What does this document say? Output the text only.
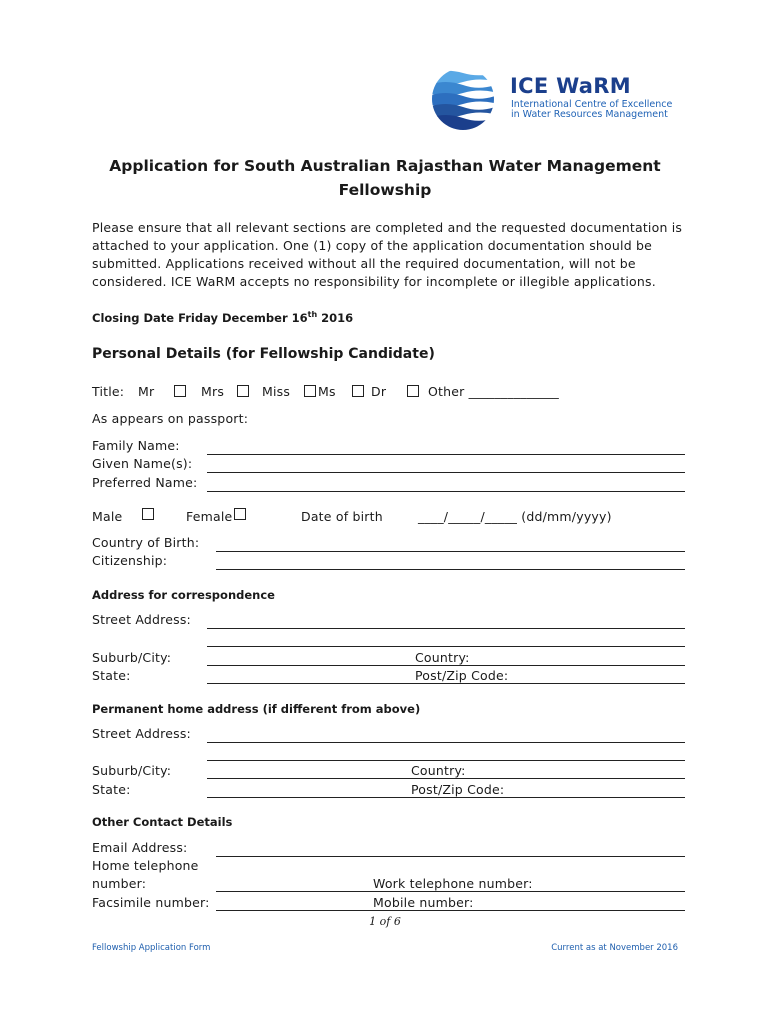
ICE WaRM
International Centre of Excellence
in Water Resources Management
Application for South Australian Rajasthan Water Management
Fellowship
Please ensure that all relevant sections are completed and the requested documentation is
attached to your application. One (1) copy of the application documentation should be
submitted. Applications received without all the required documentation, will not be
considered. ICE WaRM accepts no responsibility for incomplete or illegible applications.
Closing Date Friday December 16th 2016
Personal Details (for Fellowship Candidate)
Title: Mr	Mrs	Miss Ms	Dr	Other ______________
As appears on passport:
Family Name:
Given Name(s):
Preferred Name:
Male	Female	Date of birth	____/_____/_____ (dd/mm/yyyy)
Country of Birth:
Citizenship:
Address for correspondence
Street Address:
Suburb/City:	Country:
State:	Post/Zip Code:
Permanent home address (if different from above)
Street Address:
Suburb/City:	Country:
State:	Post/Zip Code:
Other Contact Details
Email Address:
Home telephone
number:	Work telephone number:
Facsimile number:	Mobile number:
1 of 6
Fellowship Application Form	Current as at November 2016
